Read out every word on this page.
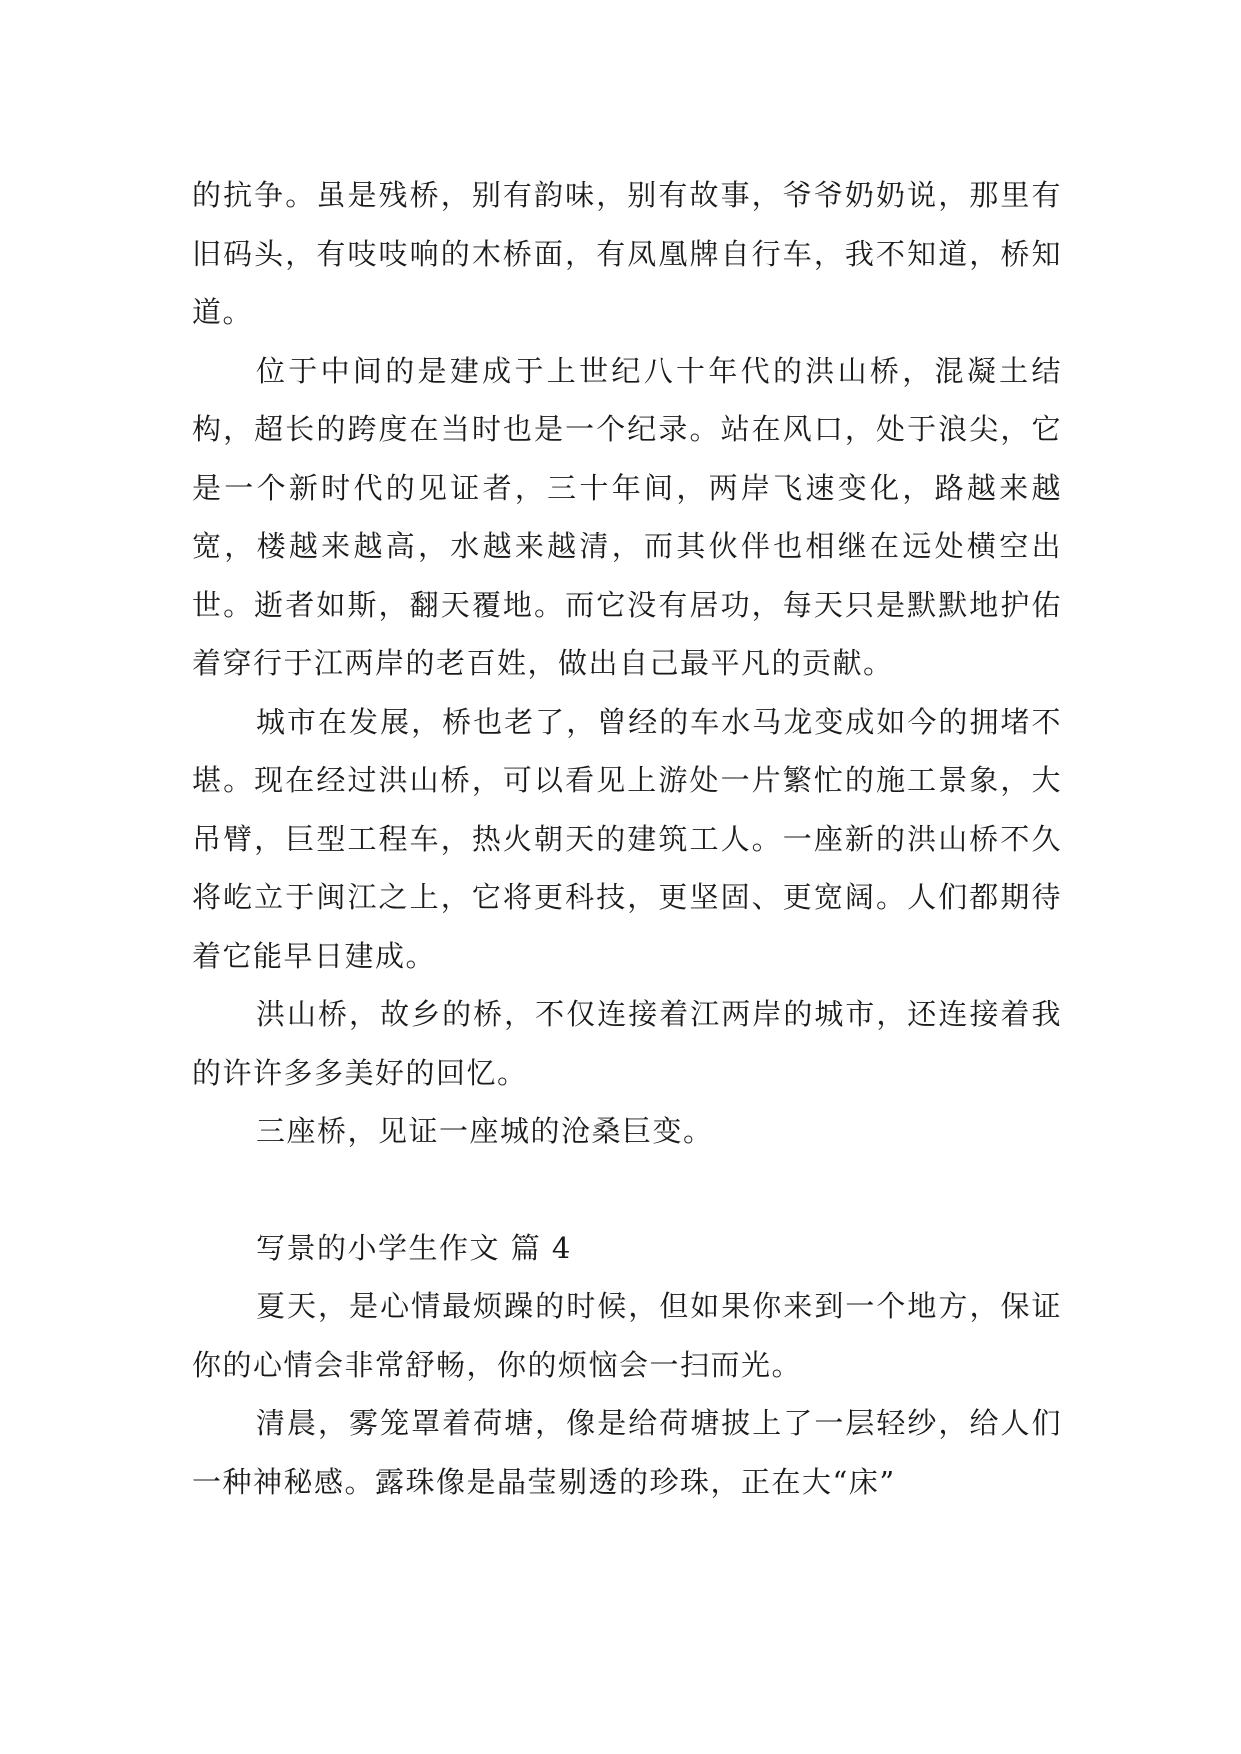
的抗争。虽是残桥，别有韵味，别有故事，爷爷奶奶说，那里有旧码头，有吱吱响的木桥面，有凤凰牌自行车，我不知道，桥知道。

位于中间的是建成于上世纪八十年代的洪山桥，混凝土结构，超长的跨度在当时也是一个纪录。站在风口，处于浪尖，它是一个新时代的见证者，三十年间，两岸飞速变化，路越来越宽，楼越来越高，水越来越清，而其伙伴也相继在远处横空出世。逝者如斯，翻天覆地。而它没有居功，每天只是默默地护佑着穿行于江两岸的老百姓，做出自己最平凡的贡献。

城市在发展，桥也老了，曾经的车水马龙变成如今的拥堵不堪。现在经过洪山桥，可以看见上游处一片繁忙的施工景象，大吊臂，巨型工程车，热火朝天的建筑工人。一座新的洪山桥不久将屹立于闽江之上，它将更科技，更坚固、更宽阔。人们都期待着它能早日建成。

洪山桥，故乡的桥，不仅连接着江两岸的城市，还连接着我的许许多多美好的回忆。

三座桥，见证一座城的沧桑巨变。

写景的小学生作文 篇 4

夏天，是心情最烦躁的时候，但如果你来到一个地方，保证你的心情会非常舒畅，你的烦恼会一扫而光。

清晨，雾笼罩着荷塘，像是给荷塘披上了一层轻纱，给人们一种神秘感。露珠像是晶莹剔透的珍珠，正在大“床”
